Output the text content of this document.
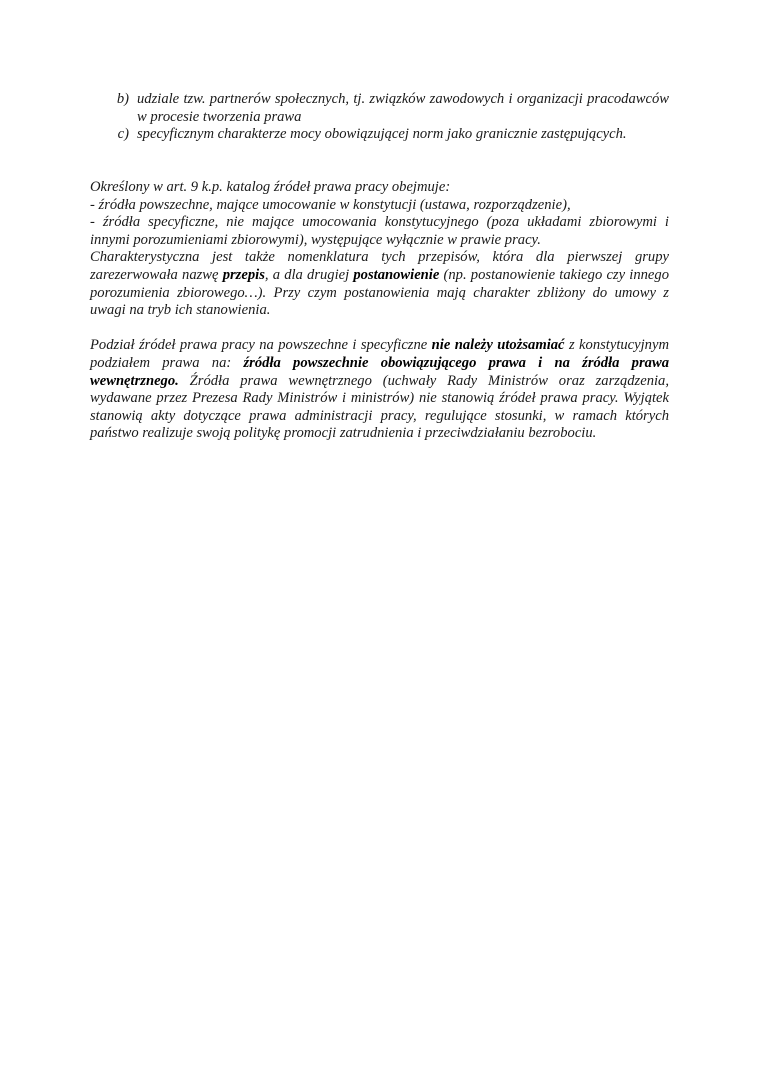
b) udziale tzw. partnerów społecznych, tj. związków zawodowych i organizacji pracodawców w procesie tworzenia prawa
c) specyficznym charakterze mocy obowiązującej norm jako granicznie zastępujących.

Określony w art. 9 k.p. katalog źródeł prawa pracy obejmuje:

- źródła powszechne, mające umocowanie w konstytucji (ustawa, rozporządzenie),

- źródła specyficzne, nie mające umocowania konstytucyjnego (poza układami zbiorowymi i innymi porozumieniami zbiorowymi), występujące wyłącznie w prawie pracy.

Charakterystyczna jest także nomenklatura tych przepisów, która dla pierwszej grupy zarezerwowała nazwę przepis, a dla drugiej postanowienie (np. postanowienie takiego czy innego porozumienia zbiorowego…). Przy czym postanowienia mają charakter zbliżony do umowy z uwagi na tryb ich stanowienia.

Podział źródeł prawa pracy na powszechne i specyficzne nie należy utożsamiać z konstytucyjnym podziałem prawa na: źródła powszechnie obowiązującego prawa i na źródła prawa wewnętrznego. Źródła prawa wewnętrznego (uchwały Rady Ministrów oraz zarządzenia, wydawane przez Prezesa Rady Ministrów i ministrów) nie stanowią źródeł prawa pracy. Wyjątek stanowią akty dotyczące prawa administracji pracy, regulujące stosunki, w ramach których państwo realizuje swoją politykę promocji zatrudnienia i przeciwdziałaniu bezrobociu.
